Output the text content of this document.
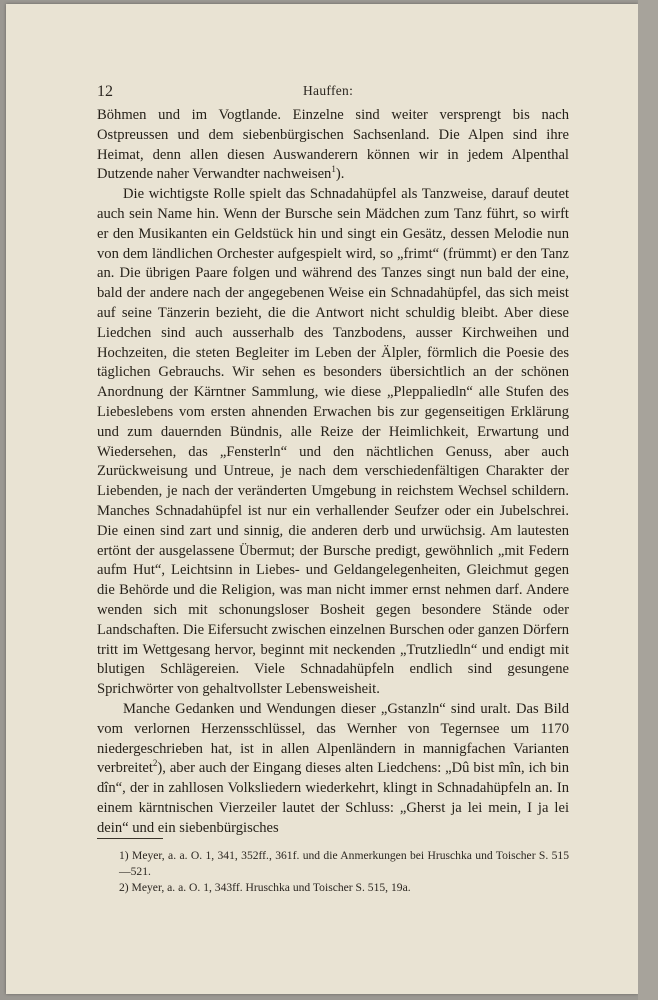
12	Hauffen:

Böhmen und im Vogtlande. Einzelne sind weiter versprengt bis nach Ostpreussen und dem siebenbürgischen Sachsenland. Die Alpen sind ihre Heimat, denn allen diesen Auswanderern können wir in jedem Alpenthal Dutzende naher Verwandter nachweisen$^1$).

Die wichtigste Rolle spielt das Schnadahüpfel als Tanzweise, darauf deutet auch sein Name hin. Wenn der Bursche sein Mädchen zum Tanz führt, so wirft er den Musikanten ein Geldstück hin und singt ein Gesätz, dessen Melodie nun von dem ländlichen Orchester aufgespielt wird, so „frimt“ (frümmt) er den Tanz an. Die übrigen Paare folgen und während des Tanzes singt nun bald der eine, bald der andere nach der angegebenen Weise ein Schnadahüpfel, das sich meist auf seine Tänzerin bezieht, die die Antwort nicht schuldig bleibt. Aber diese Liedchen sind auch ausserhalb des Tanzbodens, ausser Kirchweihen und Hochzeiten, die steten Begleiter im Leben der Älpler, förmlich die Poesie des täglichen Gebrauchs. Wir sehen es besonders übersichtlich an der schönen Anordnung der Kärntner Sammlung, wie diese „Pleppaliedln“ alle Stufen des Liebeslebens vom ersten ahnenden Erwachen bis zur gegenseitigen Erklärung und zum dauernden Bündnis, alle Reize der Heimlichkeit, Erwartung und Wiedersehen, das „Fensterln“ und den nächtlichen Genuss, aber auch Zurückweisung und Untreue, je nach dem verschiedenfältigen Charakter der Liebenden, je nach der veränderten Umgebung in reichstem Wechsel schildern. Manches Schnadahüpfel ist nur ein verhallender Seufzer oder ein Jubelschrei. Die einen sind zart und sinnig, die anderen derb und urwüchsig. Am lautesten ertönt der ausgelassene Übermut; der Bursche predigt, gewöhnlich „mit Federn aufm Hut“, Leichtsinn in Liebes- und Geldangelegenheiten, Gleichmut gegen die Behörde und die Religion, was man nicht immer ernst nehmen darf. Andere wenden sich mit schonungsloser Bosheit gegen besondere Stände oder Landschaften. Die Eifersucht zwischen einzelnen Burschen oder ganzen Dörfern tritt im Wettgesang hervor, beginnt mit neckenden „Trutzliedln“ und endigt mit blutigen Schlägereien. Viele Schnadahüpfeln endlich sind gesungene Sprichwörter von gehaltvollster Lebensweisheit.

Manche Gedanken und Wendungen dieser „Gstanzln“ sind uralt. Das Bild vom verlornen Herzensschlüssel, das Wernher von Tegernsee um 1170 niedergeschrieben hat, ist in allen Alpenländern in mannigfachen Varianten verbreitet$^2$), aber auch der Eingang dieses alten Liedchens: „Dû bist mîn, ich bin dîn“, der in zahllosen Volksliedern wiederkehrt, klingt in Schnadahüpfeln an. In einem kärntnischen Vierzeiler lautet der Schluss: „Gherst ja lei mein, I ja lei dein“ und ein siebenbürgisches

1) Meyer, a. a. O. 1, 341, 352ff., 361f. und die Anmerkungen bei Hruschka und Toischer S. 515—521.

2) Meyer, a. a. O. 1, 343ff. Hruschka und Toischer S. 515, 19a.
